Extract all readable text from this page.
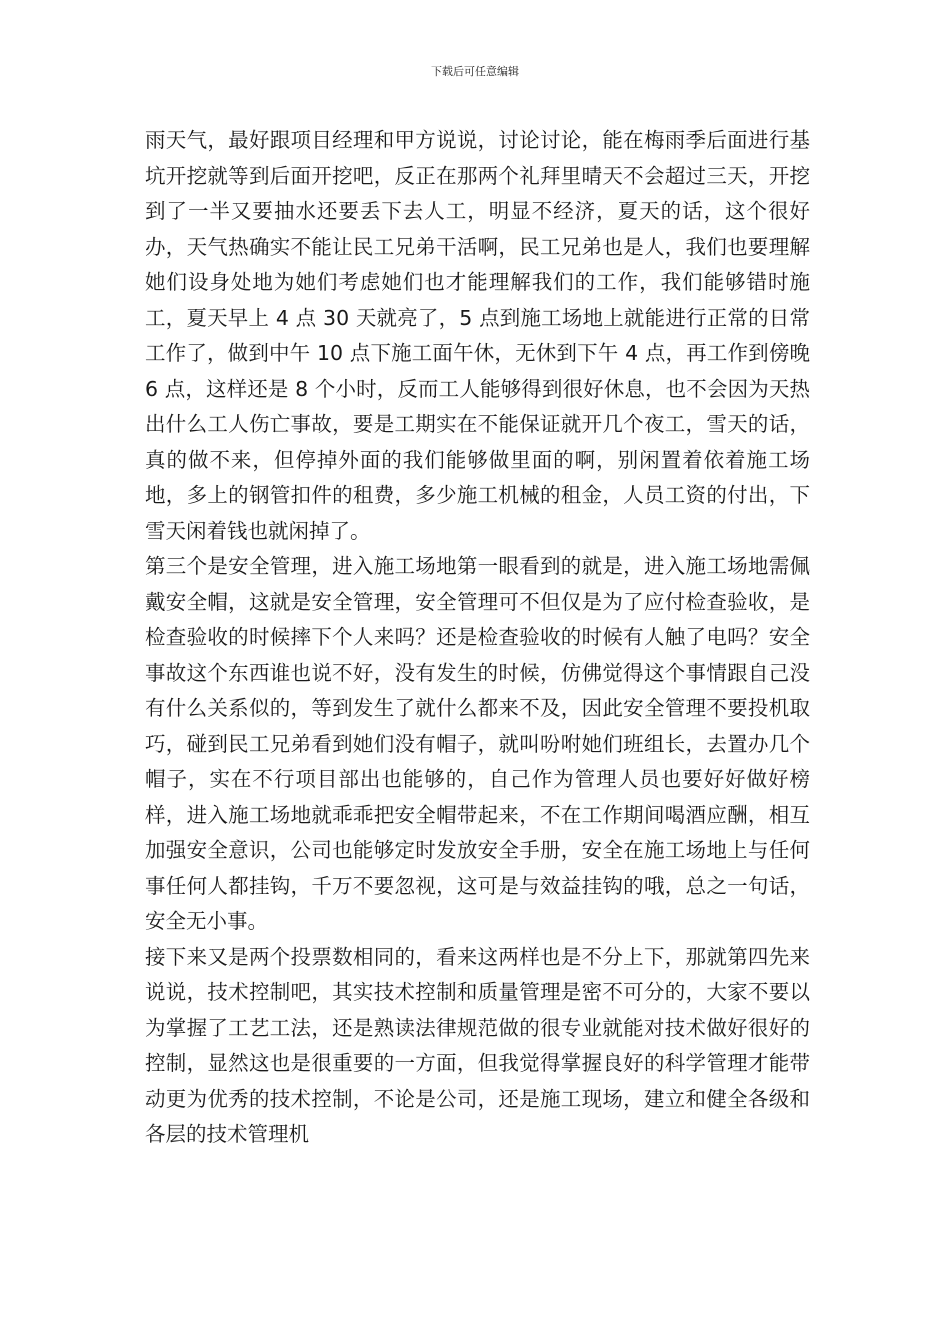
下载后可任意编辑

雨天气，最好跟项目经理和甲方说说，讨论讨论，能在梅雨季后面进行基坑开挖就等到后面开挖吧，反正在那两个礼拜里晴天不会超过三天，开挖到了一半又要抽水还要丢下去人工，明显不经济，夏天的话，这个很好办，天气热确实不能让民工兄弟干活啊，民工兄弟也是人，我们也要理解她们设身处地为她们考虑她们也才能理解我们的工作，我们能够错时施工，夏天早上 4 点 30 天就亮了，5 点到施工场地上就能进行正常的日常工作了，做到中午 10 点下施工面午休，无休到下午 4 点，再工作到傍晚 6 点，这样还是 8 个小时，反而工人能够得到很好休息，也不会因为天热出什么工人伤亡事故，要是工期实在不能保证就开几个夜工，雪天的话，真的做不来，但停掉外面的我们能够做里面的啊，别闲置着依着施工场地，多上的钢管扣件的租费，多少施工机械的租金，人员工资的付出，下雪天闲着钱也就闲掉了。

第三个是安全管理，进入施工场地第一眼看到的就是，进入施工场地需佩戴安全帽，这就是安全管理，安全管理可不但仅是为了应付检查验收，是检查验收的时候摔下个人来吗？还是检查验收的时候有人触了电吗？安全事故这个东西谁也说不好，没有发生的时候，仿佛觉得这个事情跟自己没有什么关系似的，等到发生了就什么都来不及，因此安全管理不要投机取巧，碰到民工兄弟看到她们没有帽子，就叫吩咐她们班组长，去置办几个帽子，实在不行项目部出也能够的，自己作为管理人员也要好好做好榜样，进入施工场地就乖乖把安全帽带起来，不在工作期间喝酒应酬，相互加强安全意识，公司也能够定时发放安全手册，安全在施工场地上与任何事任何人都挂钩，千万不要忽视，这可是与效益挂钩的哦，总之一句话，安全无小事。

接下来又是两个投票数相同的，看来这两样也是不分上下，那就第四先来说说，技术控制吧，其实技术控制和质量管理是密不可分的，大家不要以为掌握了工艺工法，还是熟读法律规范做的很专业就能对技术做好很好的控制，显然这也是很重要的一方面，但我觉得掌握良好的科学管理才能带动更为优秀的技术控制，不论是公司，还是施工现场，建立和健全各级和各层的技术管理机
